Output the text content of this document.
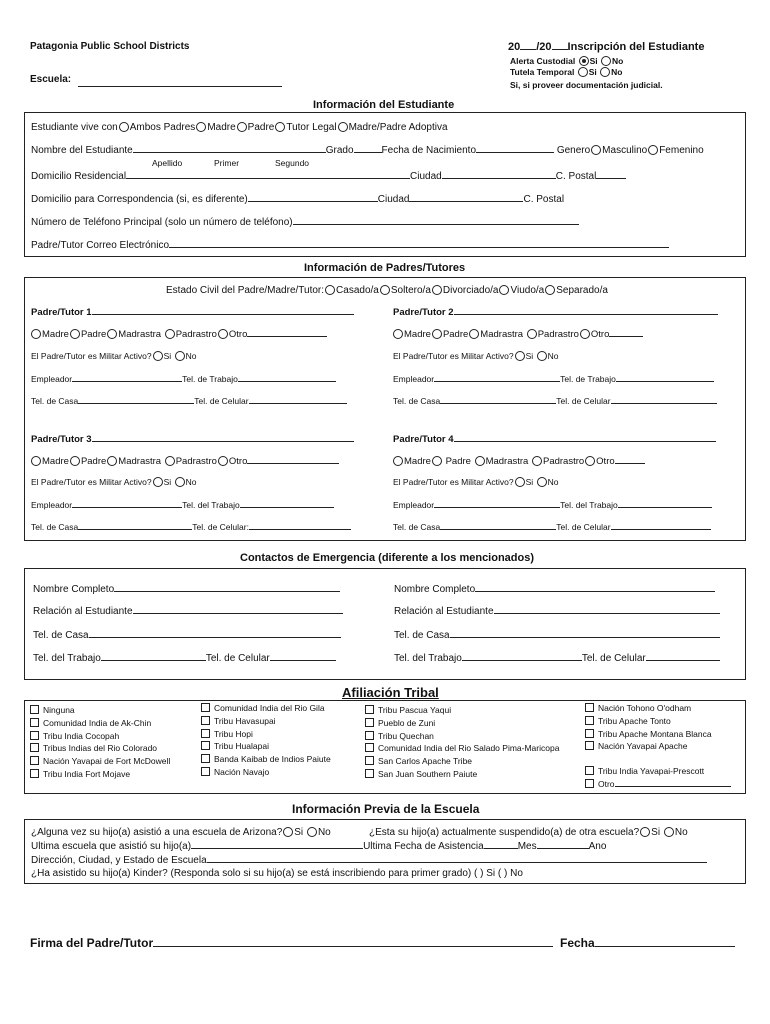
Patagonia Public School Districts
Escuela:
20 /20 Inscripción del Estudiante
Alerta Custodial Si No
Tutela Temporal Si No
Si, si proveer documentación judicial.
Información del Estudiante
Estudiante vive con Ambos Padres Madre Padre Tutor Legal Madre/Padre Adoptiva
Nombre del Estudiante	Grado	Fecha de Nacimiento	Genero Masculino Femenino
Apellido	Primer	Segundo
Domicilio Residencial	Ciudad	C. Postal
Domicilio para Correspondencia (si, es diferente)	Ciudad	C. Postal
Número de Teléfono Principal (solo un número de teléfono)
Padre/Tutor Correo Electrónico
Información de Padres/Tutores
Estado Civil del Padre/Madre/Tutor: Casado/a Soltero/a Divorciado/a Viudo/a Separado/a
Padre/Tutor 1
Madre Padre Madrastra Padrastro Otro
El Padre/Tutor es Militar Activo? Si No
Empleador	Tel. de Trabajo
Tel. de Casa	Tel. de Celular
Padre/Tutor 2
Madre Padre Madrastra Padrastro Otro
El Padre/Tutor es Militar Activo? Si No
Empleador	Tel. de Trabajo
Tel. de Casa	Tel. de Celular
Padre/Tutor 3
Madre Padre Madrastra Padrastro Otro
El Padre/Tutor es Militar Activo? Si No
Empleador	Tel. del Trabajo
Tel. de Casa	Tel. de Celular:
Padre/Tutor 4
Madre Padre Madrastra Padrastro Otro
El Padre/Tutor es Militar Activo? Si No
Empleador	Tel. del Trabajo
Tel. de Casa	Tel. de Celular
Contactos de Emergencia (diferente a los mencionados)
Nombre Completo
Relación al Estudiante
Tel. de Casa
Tel. del Trabajo	Tel. de Celular
Nombre Completo
Relación al Estudiante
Tel. de Casa
Tel. del Trabajo	Tel. de Celular
Afiliación Tribal
Ninguna
Comunidad India de Ak-Chin
Tribu India Cocopah
Tribus Indias del Rio Colorado
Nación Yavapai de Fort McDowell
Tribu India Fort Mojave
Comunidad India del Rio Gila
Tribu Havasupai
Tribu Hopi
Tribu Hualapai
Banda Kaibab de Indios Paiute
Nación Navajo
Tribu Pascua Yaqui
Pueblo de Zuni
Tribu Quechan
Comunidad India del Rio Salado Pima-Maricopa
San Carlos Apache Tribe
San Juan Southern Paiute
Nación Tohono O'odham
Tribu Apache Tonto
Tribu Apache Montana Blanca
Nación Yavapai Apache
Tribu India Yavapai-Prescott
Otro
Información Previa de la Escuela
¿Alguna vez su hijo(a) asistió a una escuela de Arizona? Si No	¿Esta su hijo(a) actualmente suspendido(a) de otra escuela? Si No
Ultima escuela que asistió su hijo(a)	Ultima Fecha de Asistencia	Mes	Ano
Dirección, Ciudad, y Estado de Escuela
¿Ha asistido su hijo(a) Kinder? (Responda solo si su hijo(a) se está inscribiendo para primer grado) ( ) Si ( ) No
Firma del Padre/Tutor	Fecha
